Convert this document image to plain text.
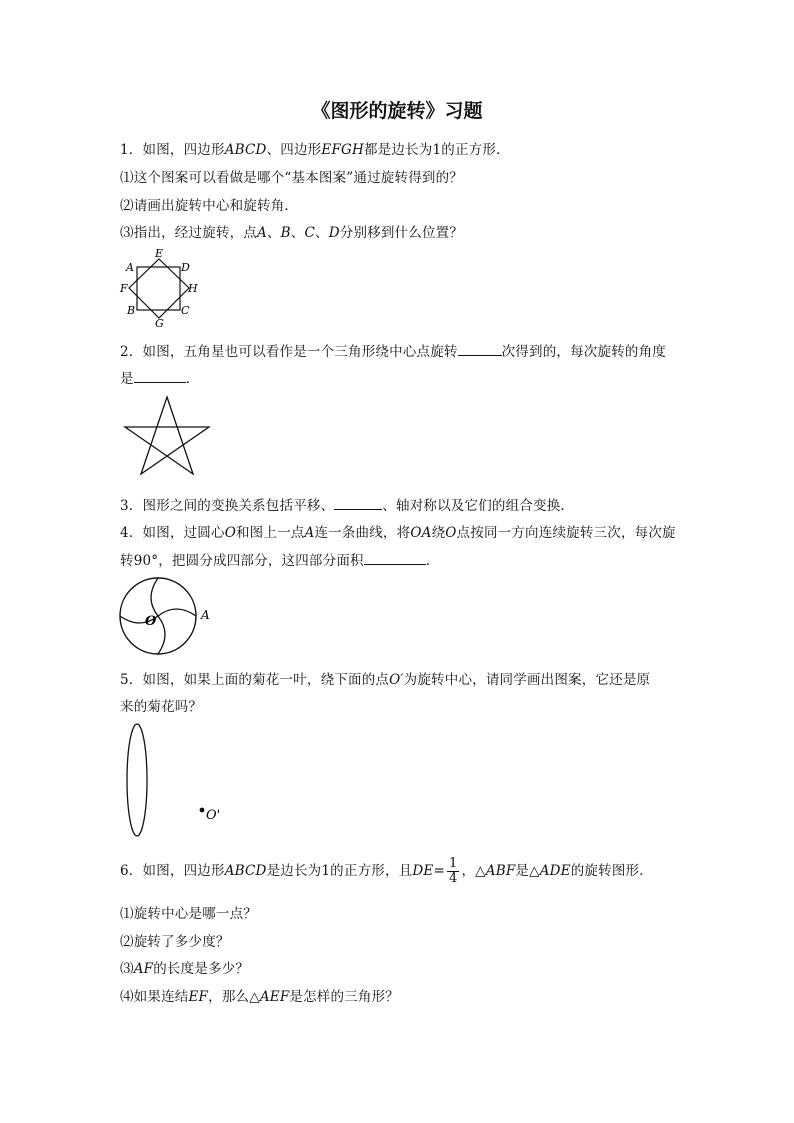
《图形的旋转》习题
1．如图，四边形ABCD、四边形EFGH都是边长为1的正方形．
⑴这个图案可以看做是哪个“基本图案”通过旋转得到的？
⑵请画出旋转中心和旋转角．
⑶指出，经过旋转，点A、B、C、D分别移到什么位置？
A
E
D
F	H
B
G
C
2．如图，五角星也可以看作是一个三角形绕中心点旋转	次得到的，每次旋转的角度
是	．
3．图形之间的变换关系包括平移、	、轴对称以及它们的组合变换．
4．如图，过圆心O和图上一点A连一条曲线，将OA绕O点按同一方向连续旋转三次，每次旋
转90°，把圆分成四部分，这四部分面积	．
O	A
5．如图，如果上面的菊花一叶，绕下面的点O′为旋转中心，请同学画出图案，它还是原
来的菊花吗？
O'
6．如图，四边形ABCD是边长为1的正方形，且$DE= \frac{1}{4}$ ，△ABF是△ADE的旋转图形．
⑴旋转中心是哪一点？
⑵旋转了多少度？
⑶AF的长度是多少？
⑷如果连结EF，那么△AEF是怎样的三角形？
